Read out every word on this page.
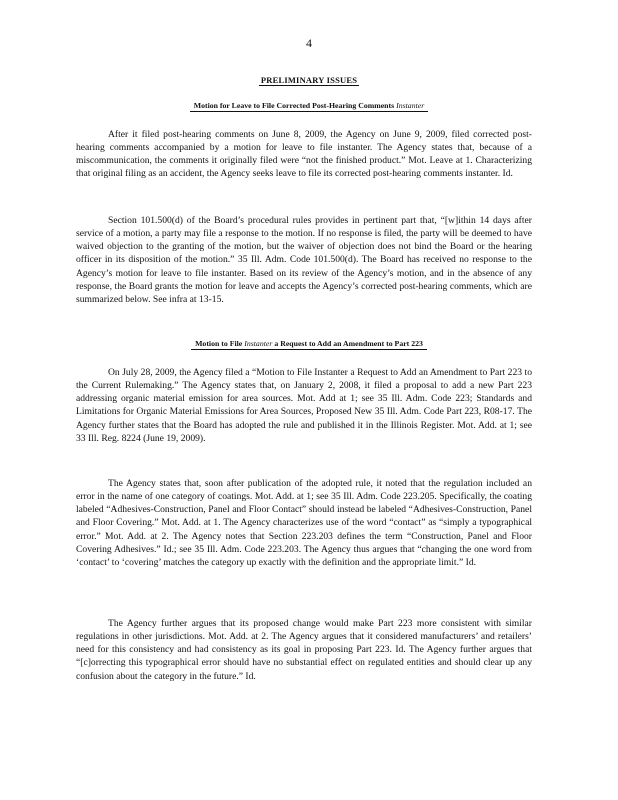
4
PRELIMINARY ISSUES
Motion for Leave to File Corrected Post-Hearing Comments Instanter

After it filed post-hearing comments on June 8, 2009, the Agency on June 9, 2009, filed corrected post-hearing comments accompanied by a motion for leave to file instanter. The Agency states that, because of a miscommunication, the comments it originally filed were “not the finished product.” Mot. Leave at 1. Characterizing that original filing as an accident, the Agency seeks leave to file its corrected post-hearing comments instanter. Id.

Section 101.500(d) of the Board’s procedural rules provides in pertinent part that, “[w]ithin 14 days after service of a motion, a party may file a response to the motion. If no response is filed, the party will be deemed to have waived objection to the granting of the motion, but the waiver of objection does not bind the Board or the hearing officer in its disposition of the motion.” 35 Ill. Adm. Code 101.500(d). The Board has received no response to the Agency’s motion for leave to file instanter. Based on its review of the Agency’s motion, and in the absence of any response, the Board grants the motion for leave and accepts the Agency’s corrected post-hearing comments, which are summarized below. See infra at 13-15.

Motion to File Instanter a Request to Add an Amendment to Part 223

On July 28, 2009, the Agency filed a “Motion to File Instanter a Request to Add an Amendment to Part 223 to the Current Rulemaking.” The Agency states that, on January 2, 2008, it filed a proposal to add a new Part 223 addressing organic material emission for area sources. Mot. Add at 1; see 35 Ill. Adm. Code 223; Standards and Limitations for Organic Material Emissions for Area Sources, Proposed New 35 Ill. Adm. Code Part 223, R08-17. The Agency further states that the Board has adopted the rule and published it in the Illinois Register. Mot. Add. at 1; see 33 Ill. Reg. 8224 (June 19, 2009).

The Agency states that, soon after publication of the adopted rule, it noted that the regulation included an error in the name of one category of coatings. Mot. Add. at 1; see 35 Ill. Adm. Code 223.205. Specifically, the coating labeled “Adhesives-Construction, Panel and Floor Contact” should instead be labeled “Adhesives-Construction, Panel and Floor Covering.” Mot. Add. at 1. The Agency characterizes use of the word “contact” as “simply a typographical error.” Mot. Add. at 2. The Agency notes that Section 223.203 defines the term “Construction, Panel and Floor Covering Adhesives.” Id.; see 35 Ill. Adm. Code 223.203. The Agency thus argues that “changing the one word from ‘contact’ to ‘covering’ matches the category up exactly with the definition and the appropriate limit.” Id.

The Agency further argues that its proposed change would make Part 223 more consistent with similar regulations in other jurisdictions. Mot. Add. at 2. The Agency argues that it considered manufacturers’ and retailers’ need for this consistency and had consistency as its goal in proposing Part 223. Id. The Agency further argues that “[c]orrecting this typographical error should have no substantial effect on regulated entities and should clear up any confusion about the category in the future.” Id.
